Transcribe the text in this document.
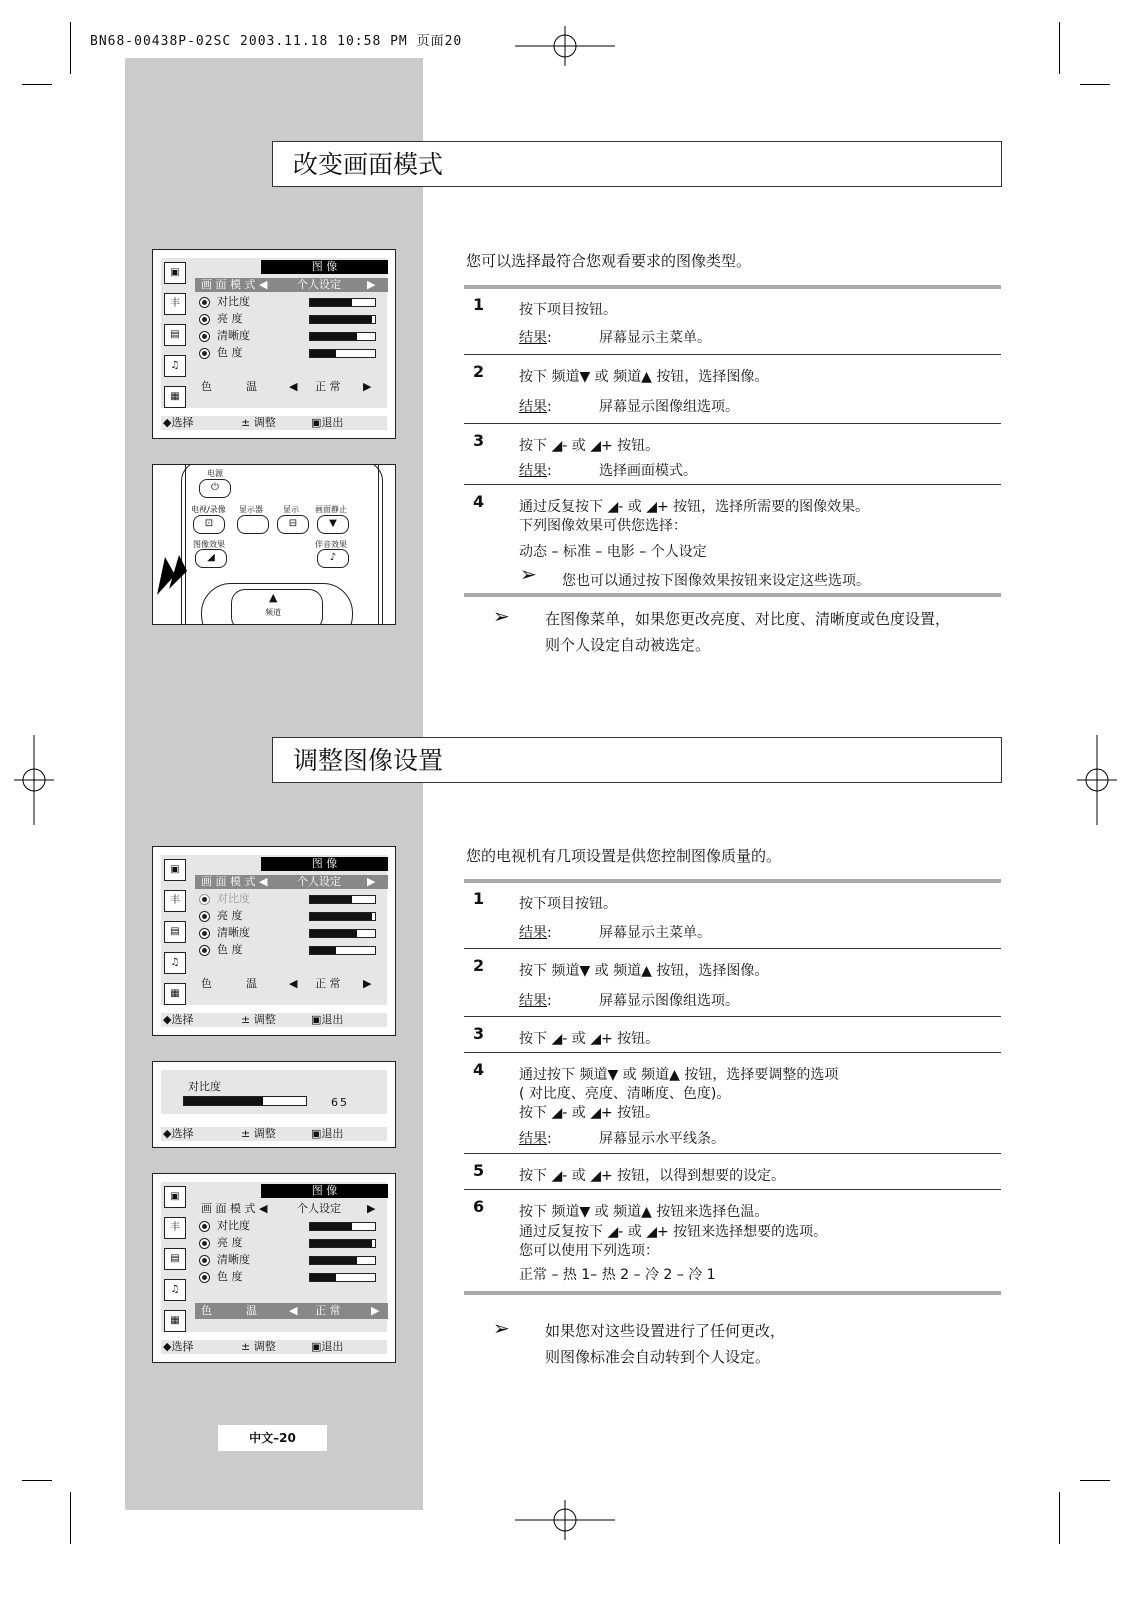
BN68-00438P-02SC 2003.11.18 10:58 PM 页面20
改变画面模式
▣
丰
▤
♫
▦
图 像
画 面 模 式 ◀	个人设定 ▶
对比度
亮 度
清晰度
色 度
色	温	◀ 正 常 ▶
◆选择	± 调整	▣退出
电源
⏻
电视/录像 显示器	显示 画面静止
⊡	⊟	▼
图像效果	伴音效果
◢	♪
▲
频道
您可以选择最符合您观看要求的图像类型。
1 按下项目按钮。
结果:	屏幕显示主菜单。
2 按下 频道▼ 或 频道▲ 按钮，选择图像。
结果:	屏幕显示图像组选项。
3 按下 ◢- 或 ◢+ 按钮。
结果:	选择画面模式。
4 通过反复按下 ◢- 或 ◢+ 按钮，选择所需要的图像效果。
下列图像效果可供您选择：
动态 – 标准 – 电影 – 个人设定
➢ 您也可以通过按下图像效果按钮来设定这些选项。
➢ 在图像菜单，如果您更改亮度、对比度、清晰度或色度设置，
则个人设定自动被选定。
调整图像设置
▣
丰
▤
♫
▦
图 像
画 面 模 式 ◀	个人设定 ▶
对比度
亮 度
清晰度
色 度
色	温	◀ 正 常 ▶
◆选择	± 调整	▣退出
对比度
65
◆选择	± 调整	▣退出
▣
丰
▤
♫
▦
图 像
画 面 模 式 ◀	个人设定 ▶
对比度
亮 度
清晰度
色 度
色	温	◀ 正 常	▶
◆选择	± 调整	▣退出
您的电视机有几项设置是供您控制图像质量的。
1 按下项目按钮。
结果:	屏幕显示主菜单。
2 按下 频道▼ 或 频道▲ 按钮，选择图像。
结果:	屏幕显示图像组选项。
3 按下 ◢- 或 ◢+ 按钮。
4 通过按下 频道▼ 或 频道▲ 按钮，选择要调整的选项
( 对比度、亮度、清晰度、色度)。
按下 ◢- 或 ◢+ 按钮。
结果:	屏幕显示水平线条。
5 按下 ◢- 或 ◢+ 按钮，以得到想要的设定。
6 按下 频道▼ 或 频道▲ 按钮来选择色温。
通过反复按下 ◢- 或 ◢+ 按钮来选择想要的选项。
您可以使用下列选项：
正常 – 热 1– 热 2 – 冷 2 – 冷 1
➢ 如果您对这些设置进行了任何更改，
则图像标准会自动转到个人设定。
中文–20
